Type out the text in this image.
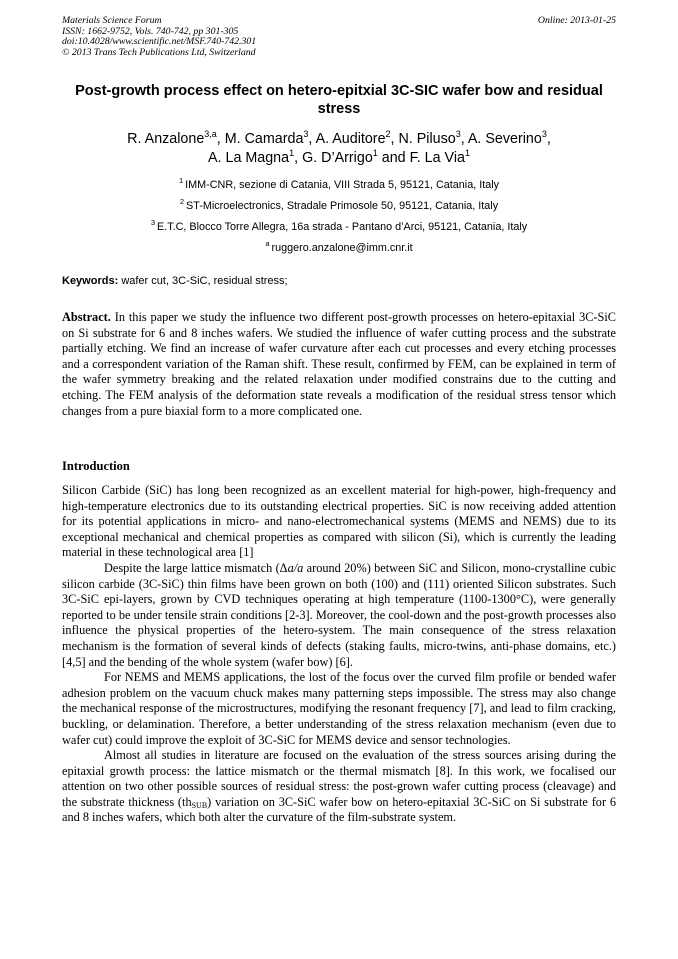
Materials Science Forum
ISSN: 1662-9752, Vols. 740-742, pp 301-305
doi:10.4028/www.scientific.net/MSF.740-742.301
© 2013 Trans Tech Publications Ltd, Switzerland
Online: 2013-01-25
Post-growth process effect on hetero-epitxial 3C-SIC wafer bow and residual stress
R. Anzalone$^{3,a}$, M. Camarda$^3$, A. Auditore$^2$, N. Piluso$^3$, A. Severino$^3$,
A. La Magna$^1$, G. D’Arrigo$^1$ and F. La Via$^1$
$^1$ IMM-CNR, sezione di Catania, VIII Strada 5, 95121, Catania, Italy
$^2$ ST-Microelectronics, Stradale Primosole 50, 95121, Catania, Italy
$^3$ E.T.C, Blocco Torre Allegra, 16a strada - Pantano d’Arci, 95121, Catania, Italy
$^a$ ruggero.anzalone@imm.cnr.it
Keywords: wafer cut, 3C-SiC, residual stress;
Abstract. In this paper we study the influence two different post-growth processes on hetero-epitaxial 3C-SiC on Si substrate for 6 and 8 inches wafers. We studied the influence of wafer cutting process and the substrate partially etching. We find an increase of wafer curvature after each cut processes and every etching processes and a correspondent variation of the Raman shift. These result, confirmed by FEM, can be explained in term of the wafer symmetry breaking and the related relaxation under modified constrains due to the cutting and etching. The FEM analysis of the deformation state reveals a modification of the residual stress tensor which changes from a pure biaxial form to a more complicated one.
Introduction

Silicon Carbide (SiC) has long been recognized as an excellent material for high-power, high-frequency and high-temperature electronics due to its outstanding electrical properties. SiC is now receiving added attention for its potential applications in micro- and nano-electromechanical systems (MEMS and NEMS) due to its exceptional mechanical and chemical properties as compared with silicon (Si), which is currently the leading material in these technological area [1]

Despite the large lattice mismatch (Δa/a around 20%) between SiC and Silicon, mono-crystalline cubic silicon carbide (3C-SiC) thin films have been grown on both (100) and (111) oriented Silicon substrates. Such 3C-SiC epi-layers, grown by CVD techniques operating at high temperature (1100-1300°C), were generally reported to be under tensile strain conditions [2-3]. Moreover, the cool-down and the post-growth processes also influence the physical properties of the hetero-system. The main consequence of the stress relaxation mechanism is the formation of several kinds of defects (staking faults, micro-twins, anti-phase domains, etc.) [4,5] and the bending of the whole system (wafer bow) [6].

For NEMS and MEMS applications, the lost of the focus over the curved film profile or bended wafer adhesion problem on the vacuum chuck makes many patterning steps impossible. The stress may also change the mechanical response of the microstructures, modifying the resonant frequency [7], and lead to film cracking, buckling, or delamination. Therefore, a better understanding of the stress relaxation mechanism (even due to wafer cut) could improve the exploit of 3C-SiC for MEMS device and sensor technologies.

Almost all studies in literature are focused on the evaluation of the stress sources arising during the epitaxial growth process: the lattice mismatch or the thermal mismatch [8]. In this work, we focalised our attention on two other possible sources of residual stress: the post-grown wafer cutting process (cleavage) and the substrate thickness $(th_{SUB})$ variation on 3C-SiC wafer bow on hetero-epitaxial 3C-SiC on Si substrate for 6 and 8 inches wafers, which both alter the curvature of the film-substrate system.
